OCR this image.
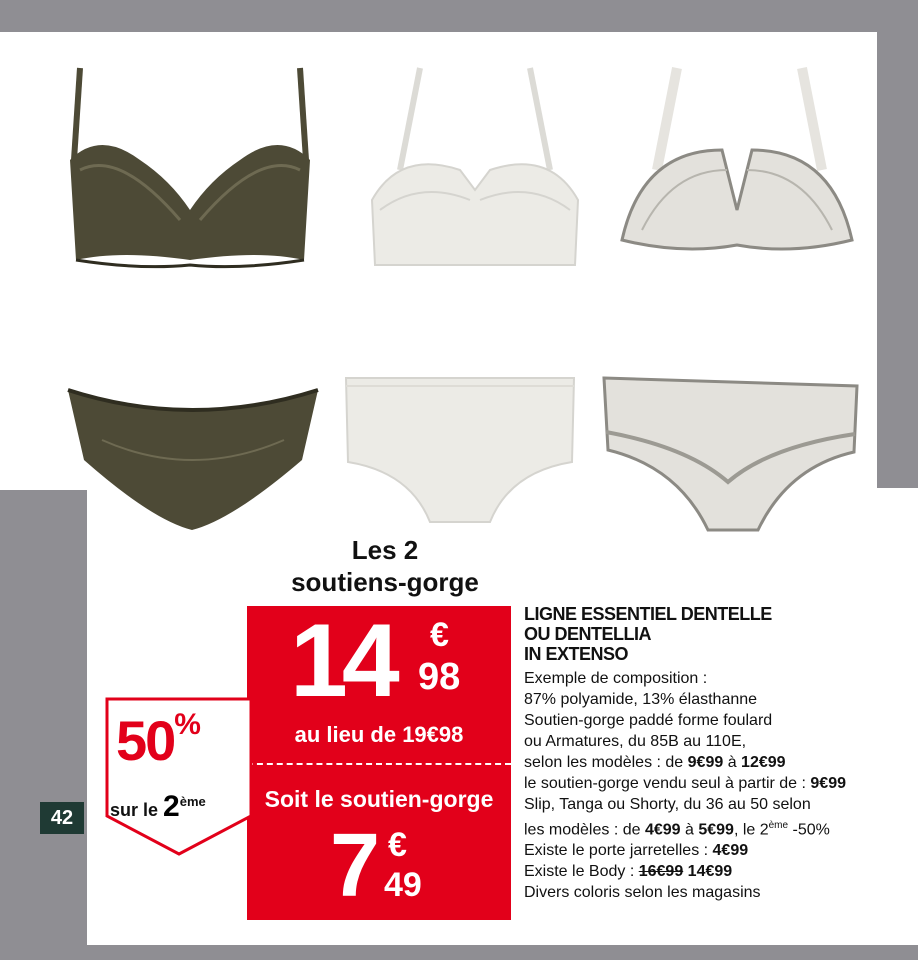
42
Les 2
soutiens-gorge
14 €
98
au lieu de 19€98
Soit le soutien-gorge
7 €
49
50%
sur le 2ème
LIGNE ESSENTIEL DENTELLE
OU DENTELLIA
IN EXTENSO
Exemple de composition :
87% polyamide, 13% élasthanne
Soutien-gorge paddé forme foulard
ou Armatures, du 85B au 110E,
selon les modèles : de 9€99 à 12€99
le soutien-gorge vendu seul à partir de : 9€99
Slip, Tanga ou Shorty, du 36 au 50 selon
les modèles : de 4€99 à 5€99, le 2ème -50%
Existe le porte jarretelles : 4€99
Existe le Body : 16€99 14€99
Divers coloris selon les magasins
